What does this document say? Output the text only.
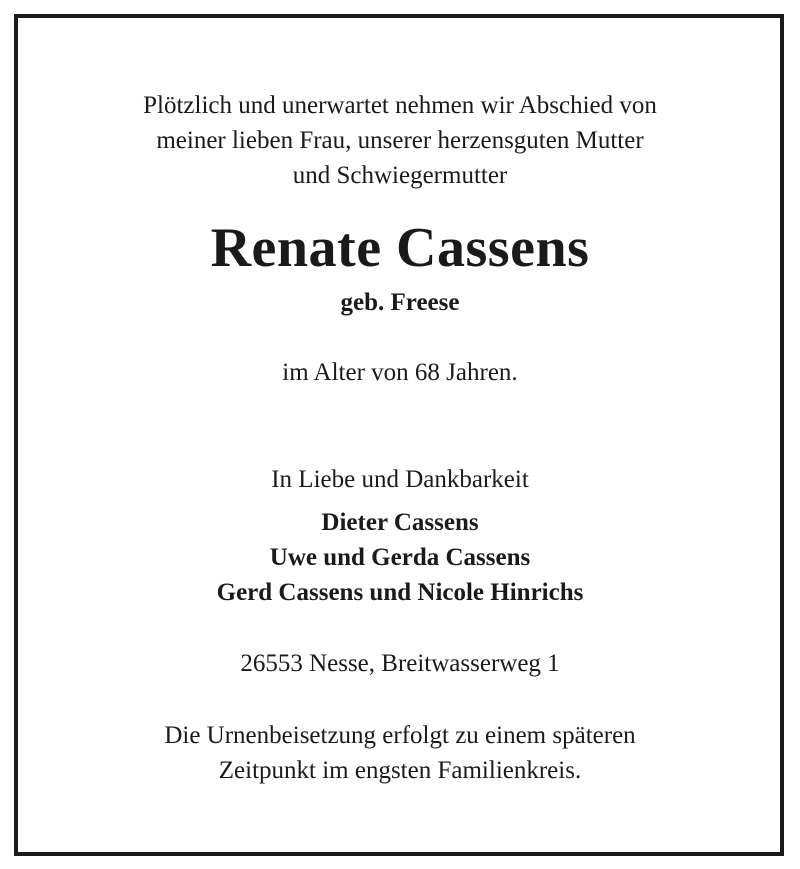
Plötzlich und unerwartet nehmen wir Abschied von
meiner lieben Frau, unserer herzensguten Mutter
und Schwiegermutter

Renate Cassens

geb. Freese

im Alter von 68 Jahren.

In Liebe und Dankbarkeit

Dieter Cassens
Uwe und Gerda Cassens
Gerd Cassens und Nicole Hinrichs

26553 Nesse, Breitwasserweg 1

Die Urnenbeisetzung erfolgt zu einem späteren
Zeitpunkt im engsten Familienkreis.
